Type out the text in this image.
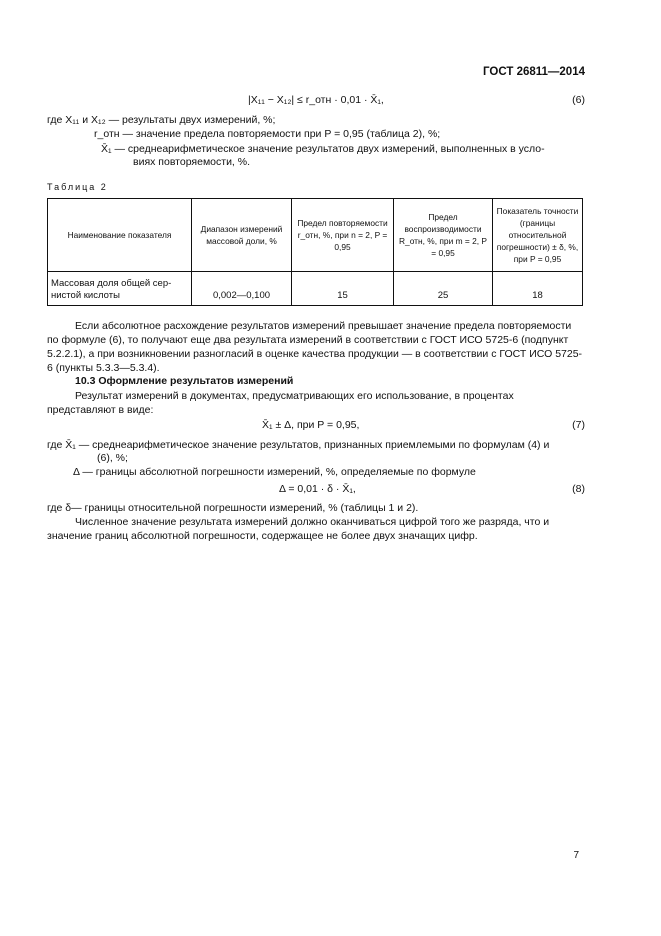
ГОСТ 26811—2014
|X₁₁ − X₁₂| ≤ r_отн · 0,01 · X̄₁,	(6)
где X₁₁ и X₁₂ — результаты двух измерений, %;
r_отн — значение предела повторяемости при P = 0,95 (таблица 2), %;
X̄₁ — среднеарифметическое значение результатов двух измерений, выполненных в усло-
виях повторяемости, %.
Таблица 2
Наименование показателя	Диапазон измерений массовой доли, %	Предел повторяемости r_отн, %, при n = 2, P = 0,95	Предел воспроизводимости R_отн, %, при m = 2, P = 0,95	Показатель точности (границы относительной погрешности) ± δ, %, при P = 0,95
Массовая доля общей сер- нистой кислоты	0,002—0,100	15	25	18
Если абсолютное расхождение результатов измерений превышает значение предела повторяемости по формуле (6), то получают еще два результата измерений в соответствии с ГОСТ ИСО 5725-6 (подпункт 5.2.2.1), а при возникновении разногласий в оценке качества продукции — в соответствии с ГОСТ ИСО 5725-6 (пункты 5.3.3—5.3.4).
10.3 Оформление результатов измерений
Результат измерений в документах, предусматривающих его использование, в процентах представляют в виде:
X̄₁ ± Δ, при P = 0,95,	(7)
где X̄₁ — среднеарифметическое значение результатов, признанных приемлемыми по формулам (4) и
(6), %;
Δ — границы абсолютной погрешности измерений, %, определяемые по формуле
Δ = 0,01 · δ · X̄₁,	(8)
где δ— границы относительной погрешности измерений, % (таблицы 1 и 2).
Численное значение результата измерений должно оканчиваться цифрой того же разряда, что и значение границ абсолютной погрешности, содержащее не более двух значащих цифр.
7
